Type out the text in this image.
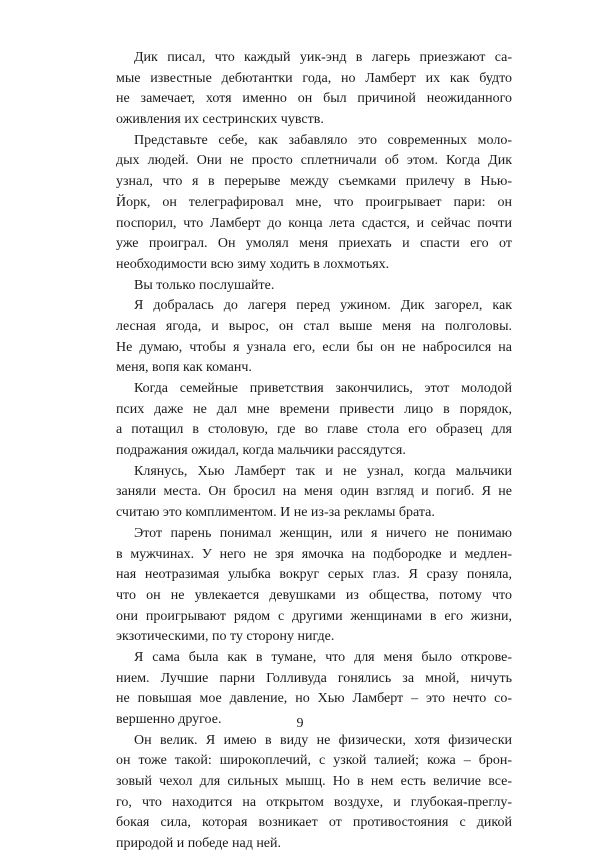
Дик писал, что каждый уик-энд в лагерь приезжают са-
мые известные дебютантки года, но Ламберт их как будто
не замечает, хотя именно он был причиной неожиданного
оживления их сестринских чувств.
Представьте себе, как забавляло это современных моло-
дых людей. Они не просто сплетничали об этом. Когда Дик
узнал, что я в перерыве между съемками прилечу в Нью-
Йорк, он телеграфировал мне, что проигрывает пари: он
поспорил, что Ламберт до конца лета сдастся, и сейчас почти
уже проиграл. Он умолял меня приехать и спасти его от
необходимости всю зиму ходить в лохмотьях.
Вы только послушайте.
Я добралась до лагеря перед ужином. Дик загорел, как
лесная ягода, и вырос, он стал выше меня на полголовы.
Не думаю, чтобы я узнала его, если бы он не набросился на
меня, вопя как команч.
Когда семейные приветствия закончились, этот молодой
псих даже не дал мне времени привести лицо в порядок,
а потащил в столовую, где во главе стола его образец для
подражания ожидал, когда мальчики рассядутся.
Клянусь, Хью Ламберт так и не узнал, когда мальчики
заняли места. Он бросил на меня один взгляд и погиб. Я не
считаю это комплиментом. И не из-за рекламы брата.
Этот парень понимал женщин, или я ничего не понимаю
в мужчинах. У него не зря ямочка на подбородке и медлен-
ная неотразимая улыбка вокруг серых глаз. Я сразу поняла,
что он не увлекается девушками из общества, потому что
они проигрывают рядом с другими женщинами в его жизни,
экзотическими, по ту сторону нигде.
Я сама была как в тумане, что для меня было открове-
нием. Лучшие парни Голливуда гонялись за мной, ничуть
не повышая мое давление, но Хью Ламберт – это нечто со-
вершенно другое.
Он велик. Я имею в виду не физически, хотя физически
он тоже такой: широкоплечий, с узкой талией; кожа – брон-
зовый чехол для сильных мышц. Но в нем есть величие все-
го, что находится на открытом воздухе, и глубокая-преглу-
бокая сила, которая возникает от противостояния с дикой
природой и победе над ней.
9
